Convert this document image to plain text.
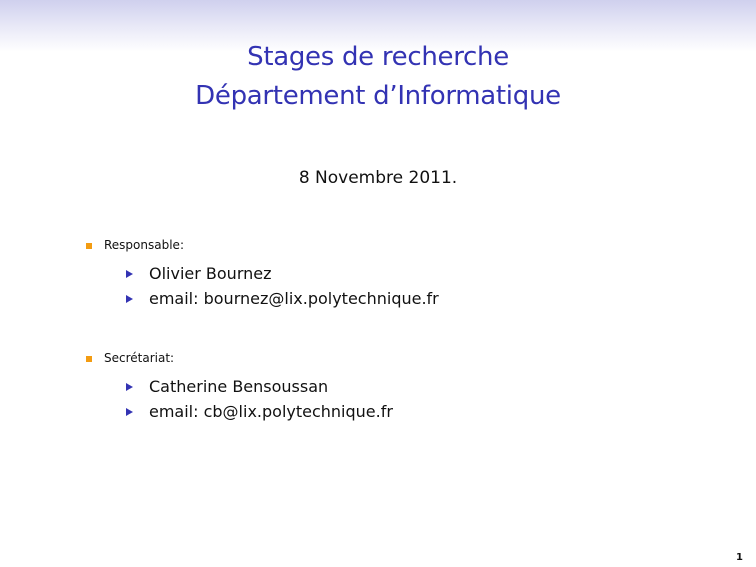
Stages de recherche
Département d’Informatique
8 Novembre 2011.
Responsable:
Olivier Bournez
email: bournez@lix.polytechnique.fr
Secrétariat:
Catherine Bensoussan
email: cb@lix.polytechnique.fr
1
